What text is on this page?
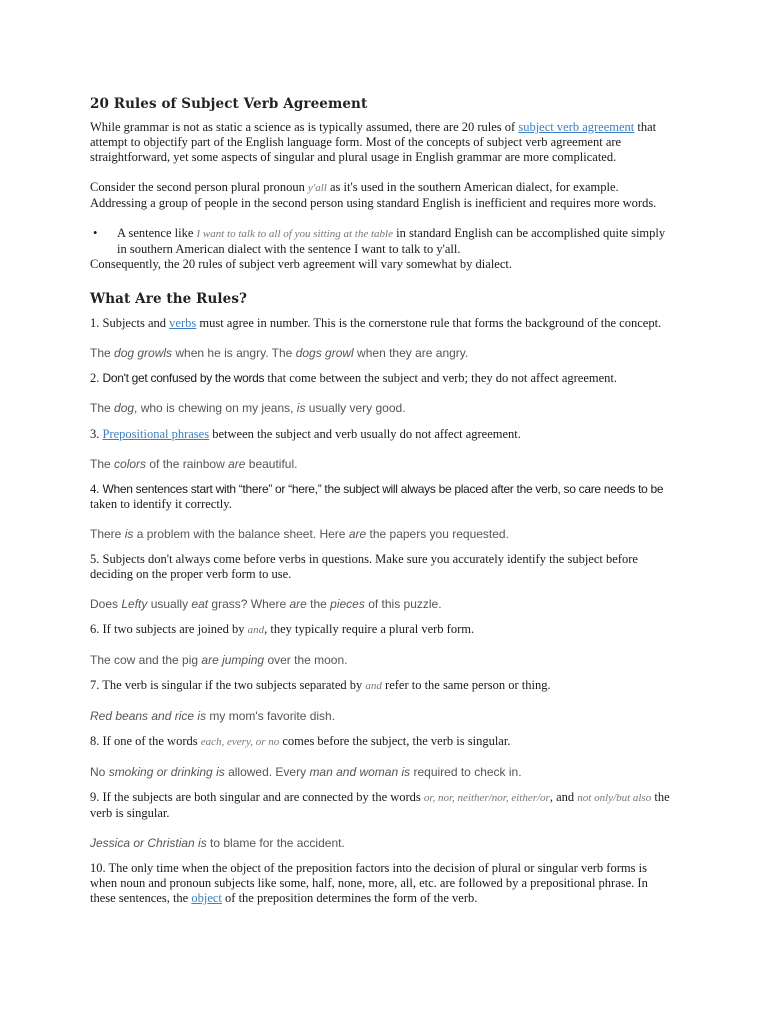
20 Rules of Subject Verb Agreement

While grammar is not as static a science as is typically assumed, there are 20 rules of subject verb agreement that attempt to objectify part of the English language form. Most of the concepts of subject verb agreement are straightforward, yet some aspects of singular and plural usage in English grammar are more complicated.

Consider the second person plural pronoun y'all as it's used in the southern American dialect, for example. Addressing a group of people in the second person using standard English is inefficient and requires more words.

• A sentence like I want to talk to all of you sitting at the table in standard English can be accomplished quite simply in southern American dialect with the sentence I want to talk to y'all.

Consequently, the 20 rules of subject verb agreement will vary somewhat by dialect.

What Are the Rules?

1. Subjects and verbs must agree in number. This is the cornerstone rule that forms the background of the concept.

The dog growls when he is angry. The dogs growl when they are angry.

2. Don't get confused by the words that come between the subject and verb; they do not affect agreement.

The dog, who is chewing on my jeans, is usually very good.

3. Prepositional phrases between the subject and verb usually do not affect agreement.

The colors of the rainbow are beautiful.

4. When sentences start with “there” or “here,” the subject will always be placed after the verb, so care needs to be
taken to identify it correctly.

There is a problem with the balance sheet. Here are the papers you requested.

5. Subjects don't always come before verbs in questions. Make sure you accurately identify the subject before deciding on the proper verb form to use.

Does Lefty usually eat grass? Where are the pieces of this puzzle.

6. If two subjects are joined by and, they typically require a plural verb form.

The cow and the pig are jumping over the moon.

7. The verb is singular if the two subjects separated by and refer to the same person or thing.

Red beans and rice is my mom's favorite dish.

8. If one of the words each, every, or no comes before the subject, the verb is singular.

No smoking or drinking is allowed. Every man and woman is required to check in.

9. If the subjects are both singular and are connected by the words or, nor, neither/nor, either/or, and not only/but also the verb is singular.

Jessica or Christian is to blame for the accident.

10. The only time when the object of the preposition factors into the decision of plural or singular verb forms is when noun and pronoun subjects like some, half, none, more, all, etc. are followed by a prepositional phrase. In these sentences, the object of the preposition determines the form of the verb.
